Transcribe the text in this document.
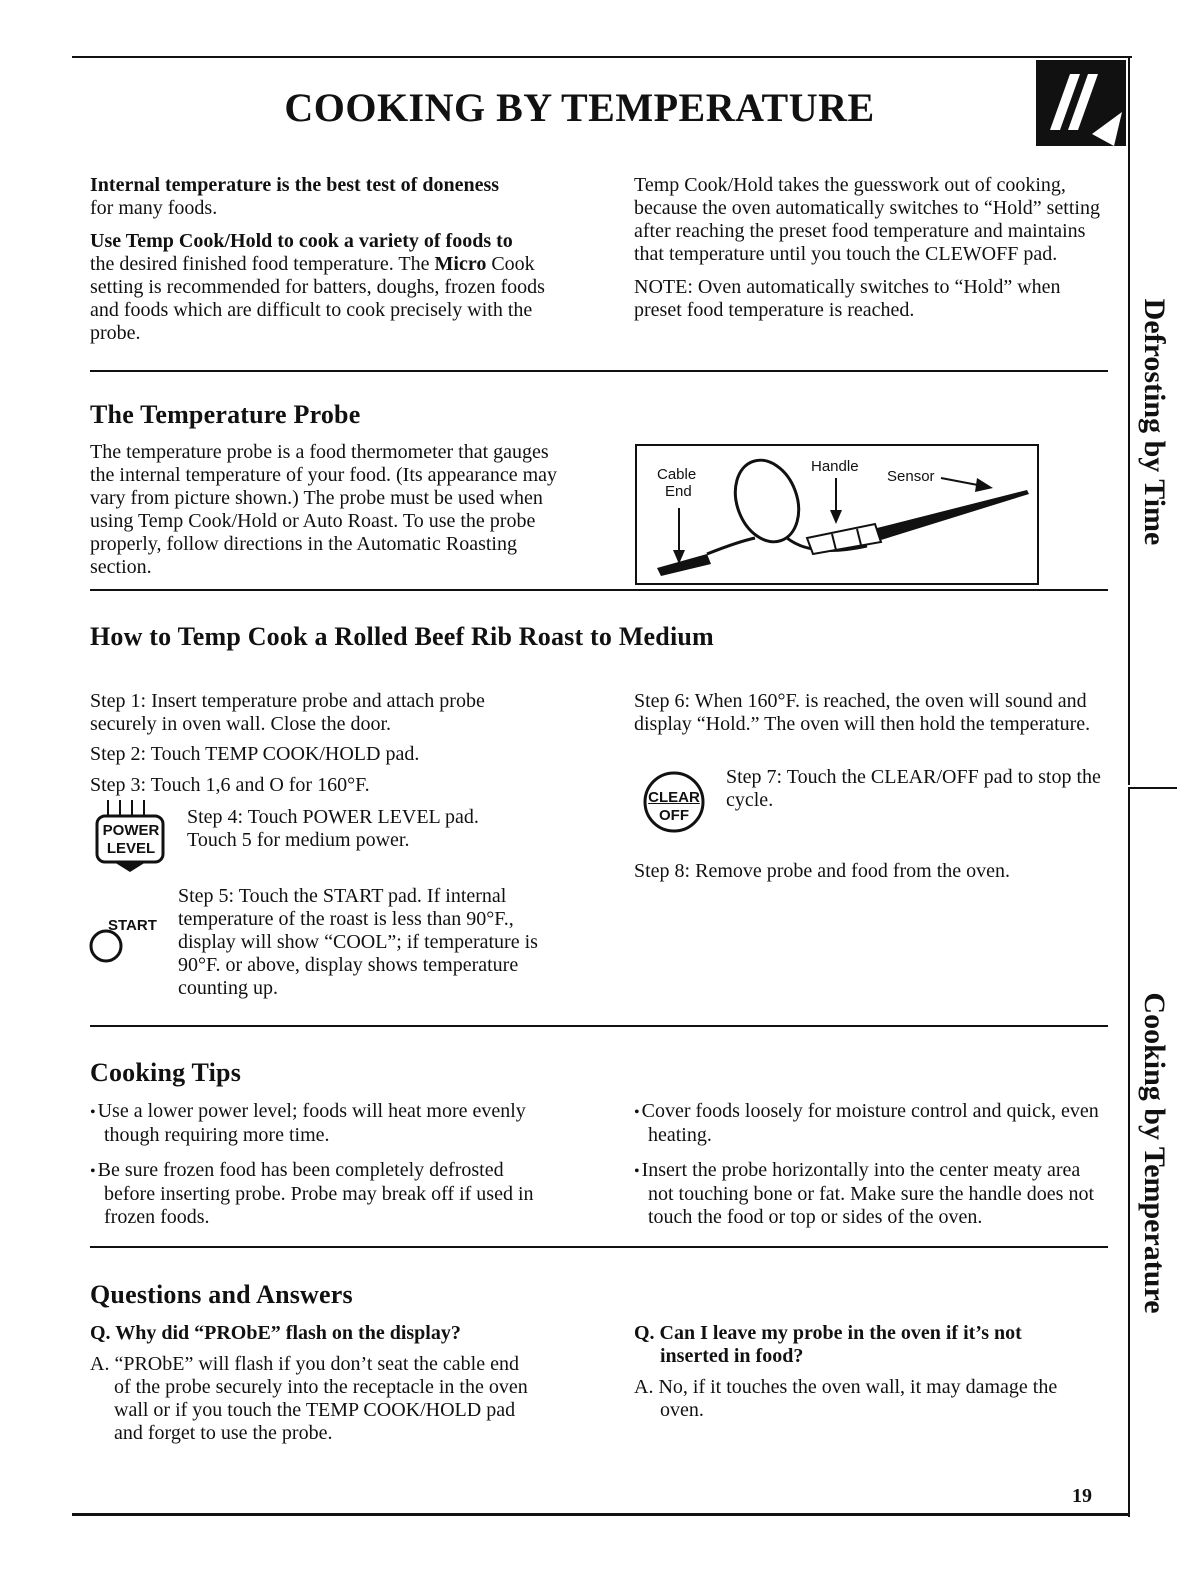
Defrosting by Time
Cooking by Temperature
COOKING BY TEMPERATURE

Internal temperature is the best test of doneness
for many foods.

Use Temp Cook/Hold to cook a variety of foods to
the desired finished food temperature. The Micro Cook setting is recommended for batters, doughs, frozen foods and foods which are difficult to cook precisely with the probe.

Temp Cook/Hold takes the guesswork out of cooking, because the oven automatically switches to “Hold” setting after reaching the preset food temperature and maintains that temperature until you touch the CLEWOFF pad.

NOTE: Oven automatically switches to “Hold” when preset food temperature is reached.

The Temperature Probe

The temperature probe is a food thermometer that gauges the internal temperature of your food. (Its appearance may vary from picture shown.) The probe must be used when using Temp Cook/Hold or Auto Roast. To use the probe properly, follow directions in the Automatic Roasting section.

Cable
End
Handle
Sensor
How to Temp Cook a Rolled Beef Rib Roast to Medium

Step 1: Insert temperature probe and attach probe securely in oven wall. Close the door.

Step 2: Touch TEMP COOK/HOLD pad.

Step 3: Touch 1,6 and O for 160°F.

POWER
LEVEL

Step 4: Touch POWER LEVEL pad. Touch 5 for medium power.

START

Step 5: Touch the START pad. If internal temperature of the roast is less than 90°F., display will show “COOL”; if temperature is 90°F. or above, display shows temperature counting up.

Step 6: When 160°F. is reached, the oven will sound and display “Hold.” The oven will then hold the temperature.

CLEAR
OFF

Step 7: Touch the CLEAR/OFF pad to stop the cycle.

Step 8: Remove probe and food from the oven.

Cooking Tips

• Use a lower power level; foods will heat more evenly though requiring more time.

• Be sure frozen food has been completely defrosted before inserting probe. Probe may break off if used in frozen foods.

• Cover foods loosely for moisture control and quick, even heating.

• Insert the probe horizontally into the center meaty area not touching bone or fat. Make sure the handle does not touch the food or top or sides of the oven.

Questions and Answers

Q. Why did “PRObE” flash on the display?

A. “PRObE” will flash if you don’t seat the cable end of the probe securely into the receptacle in the oven wall or if you touch the TEMP COOK/HOLD pad and forget to use the probe.

Q. Can I leave my probe in the oven if it’s not inserted in food?

A. No, if it touches the oven wall, it may damage the oven.

19
